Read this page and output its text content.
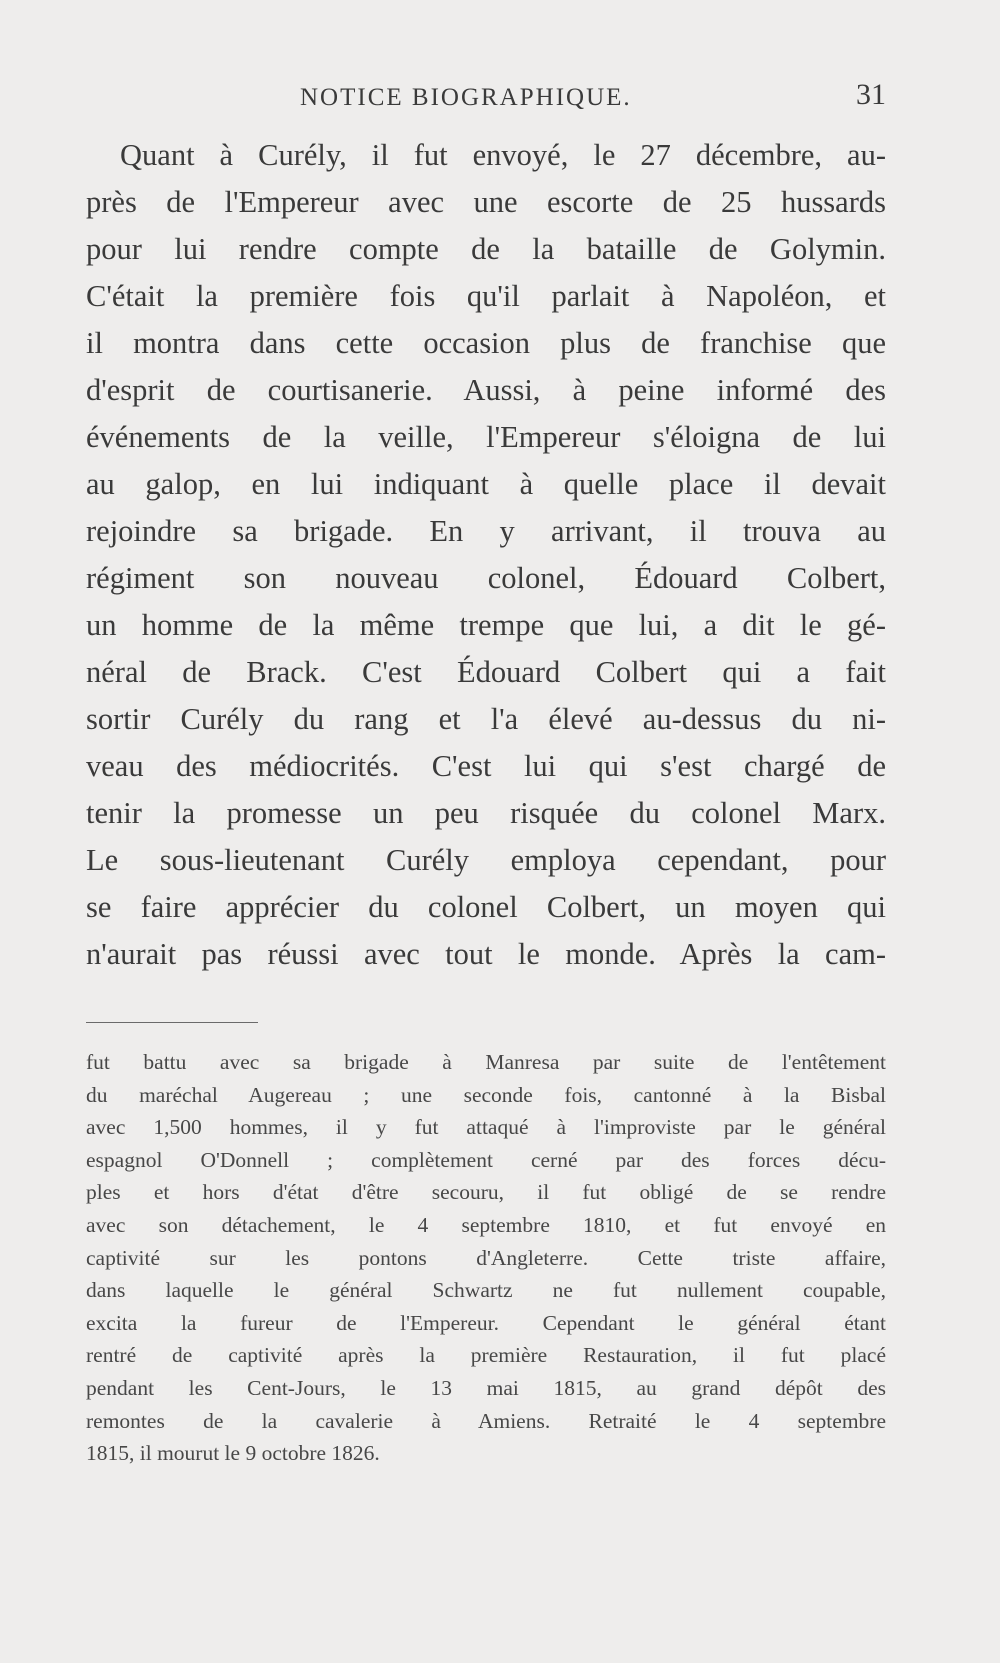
NOTICE BIOGRAPHIQUE.	31
Quant à Curély, il fut envoyé, le 27 décembre, au-
près de l'Empereur avec une escorte de 25 hussards
pour lui rendre compte de la bataille de Golymin.
C'était la première fois qu'il parlait à Napoléon, et
il montra dans cette occasion plus de franchise que
d'esprit de courtisanerie. Aussi, à peine informé des
événements de la veille, l'Empereur s'éloigna de lui
au galop, en lui indiquant à quelle place il devait
rejoindre sa brigade. En y arrivant, il trouva au
régiment son nouveau colonel, Édouard Colbert,
un homme de la même trempe que lui, a dit le gé-
néral de Brack. C'est Édouard Colbert qui a fait
sortir Curély du rang et l'a élevé au-dessus du ni-
veau des médiocrités. C'est lui qui s'est chargé de
tenir la promesse un peu risquée du colonel Marx.
Le sous-lieutenant Curély employa cependant, pour
se faire apprécier du colonel Colbert, un moyen qui
n'aurait pas réussi avec tout le monde. Après la cam-
fut battu avec sa brigade à Manresa par suite de l'entêtement
du maréchal Augereau ; une seconde fois, cantonné à la Bisbal
avec 1,500 hommes, il y fut attaqué à l'improviste par le général
espagnol O'Donnell ; complètement cerné par des forces décu-
ples et hors d'état d'être secouru, il fut obligé de se rendre
avec son détachement, le 4 septembre 1810, et fut envoyé en
captivité sur les pontons d'Angleterre. Cette triste affaire,
dans laquelle le général Schwartz ne fut nullement coupable,
excita la fureur de l'Empereur. Cependant le général étant
rentré de captivité après la première Restauration, il fut placé
pendant les Cent-Jours, le 13 mai 1815, au grand dépôt des
remontes de la cavalerie à Amiens. Retraité le 4 septembre
1815, il mourut le 9 octobre 1826.
